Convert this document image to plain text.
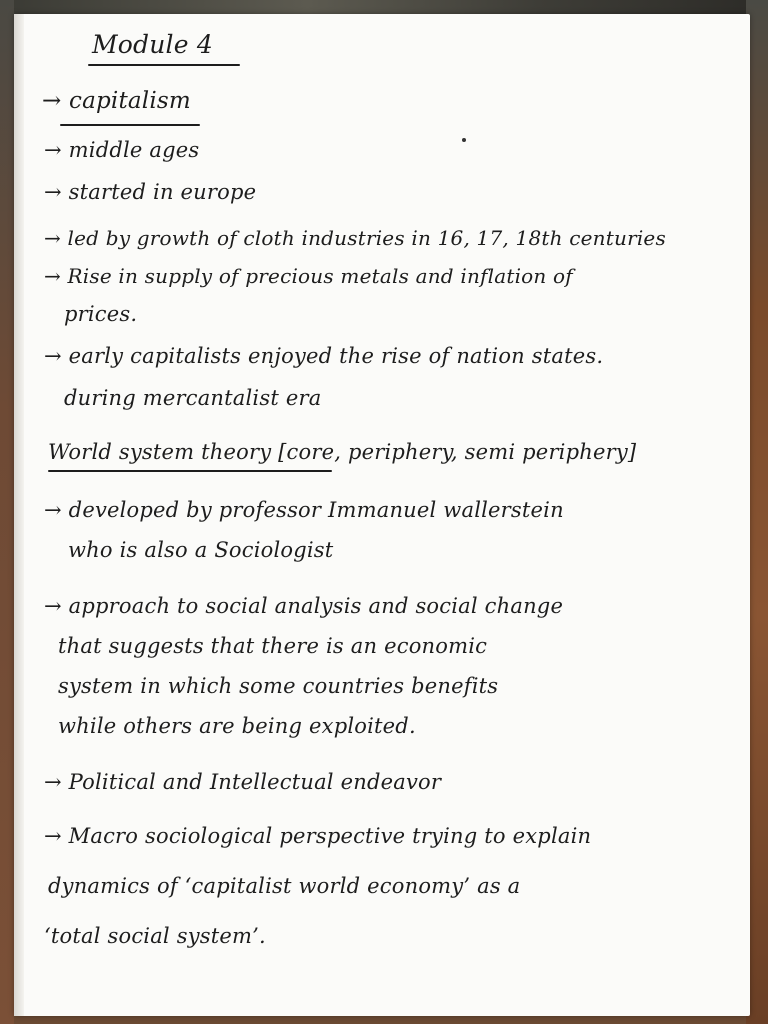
Module 4
→ capitalism
→ middle ages
→ started in europe
→ led by growth of cloth industries in 16, 17, 18th centuries
→ Rise in supply of precious metals and inflation of
prices.
→ early capitalists enjoyed the rise of nation states.
during mercantalist era
World system theory [core, periphery, semi periphery]
→ developed by professor Immanuel wallerstein
who is also a Sociologist
→ approach to social analysis and social change
that suggests that there is an economic
system in which some countries benefits
while others are being exploited.
→ Political and Intellectual endeavor
→ Macro sociological perspective trying to explain
dynamics of ‘capitalist world economy’ as a
‘total social system’.
